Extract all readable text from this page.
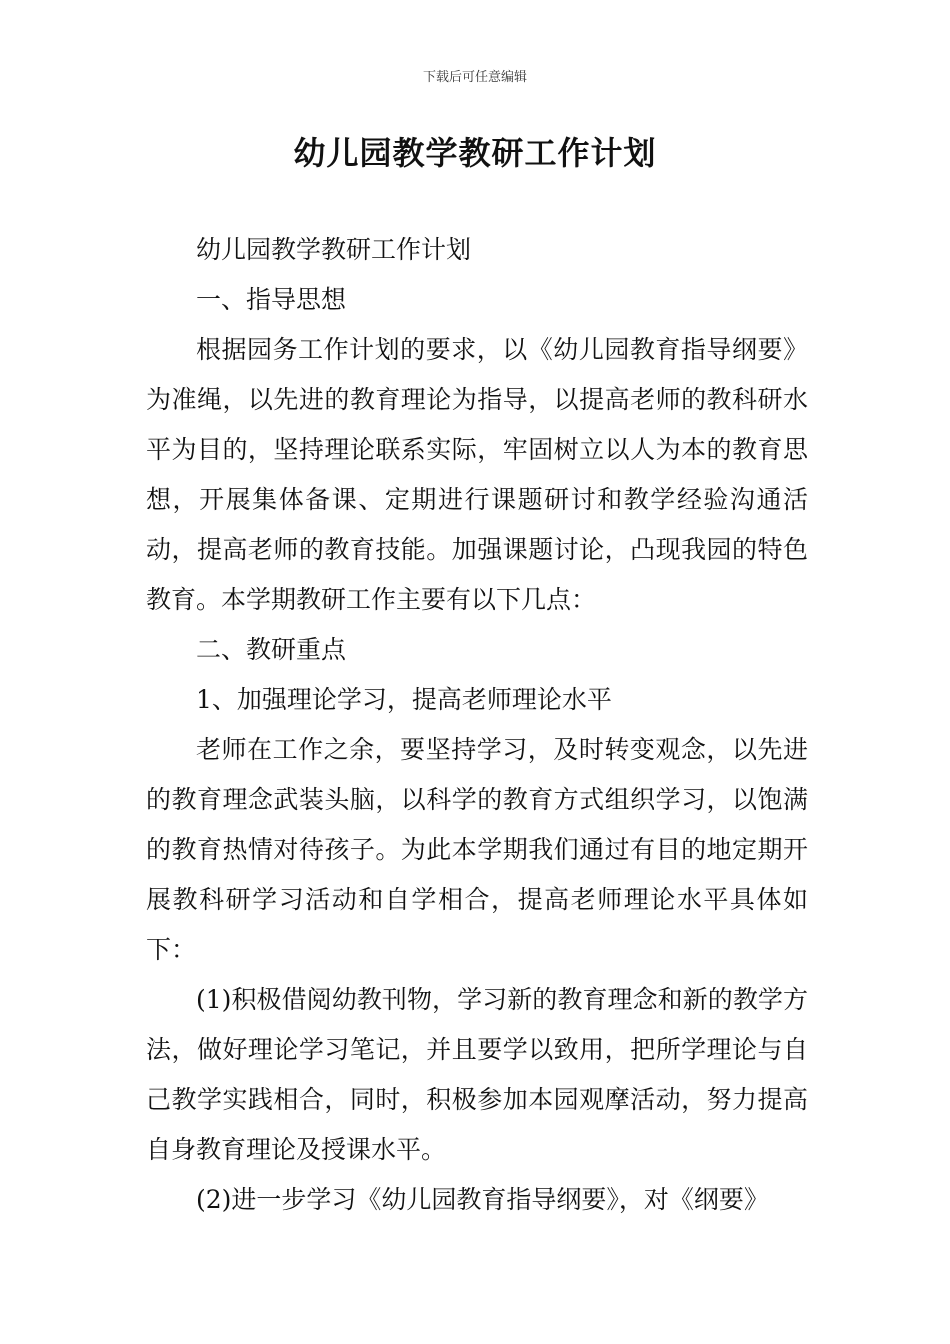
下载后可任意编辑
幼儿园教学教研工作计划

幼儿园教学教研工作计划

一、指导思想

根据园务工作计划的要求，以《幼儿园教育指导纲要》为准绳，以先进的教育理论为指导，以提高老师的教科研水平为目的，坚持理论联系实际，牢固树立以人为本的教育思想，开展集体备课、定期进行课题研讨和教学经验沟通活动，提高老师的教育技能。加强课题讨论，凸现我园的特色教育。本学期教研工作主要有以下几点：

二、教研重点

1、加强理论学习，提高老师理论水平

老师在工作之余，要坚持学习，及时转变观念，以先进的教育理念武装头脑，以科学的教育方式组织学习，以饱满的教育热情对待孩子。为此本学期我们通过有目的地定期开展教科研学习活动和自学相合，提高老师理论水平具体如下：

(1)积极借阅幼教刊物，学习新的教育理念和新的教学方法，做好理论学习笔记，并且要学以致用，把所学理论与自己教学实践相合，同时，积极参加本园观摩活动，努力提高自身教育理论及授课水平。

(2)进一步学习《幼儿园教育指导纲要》，对《纲要》
